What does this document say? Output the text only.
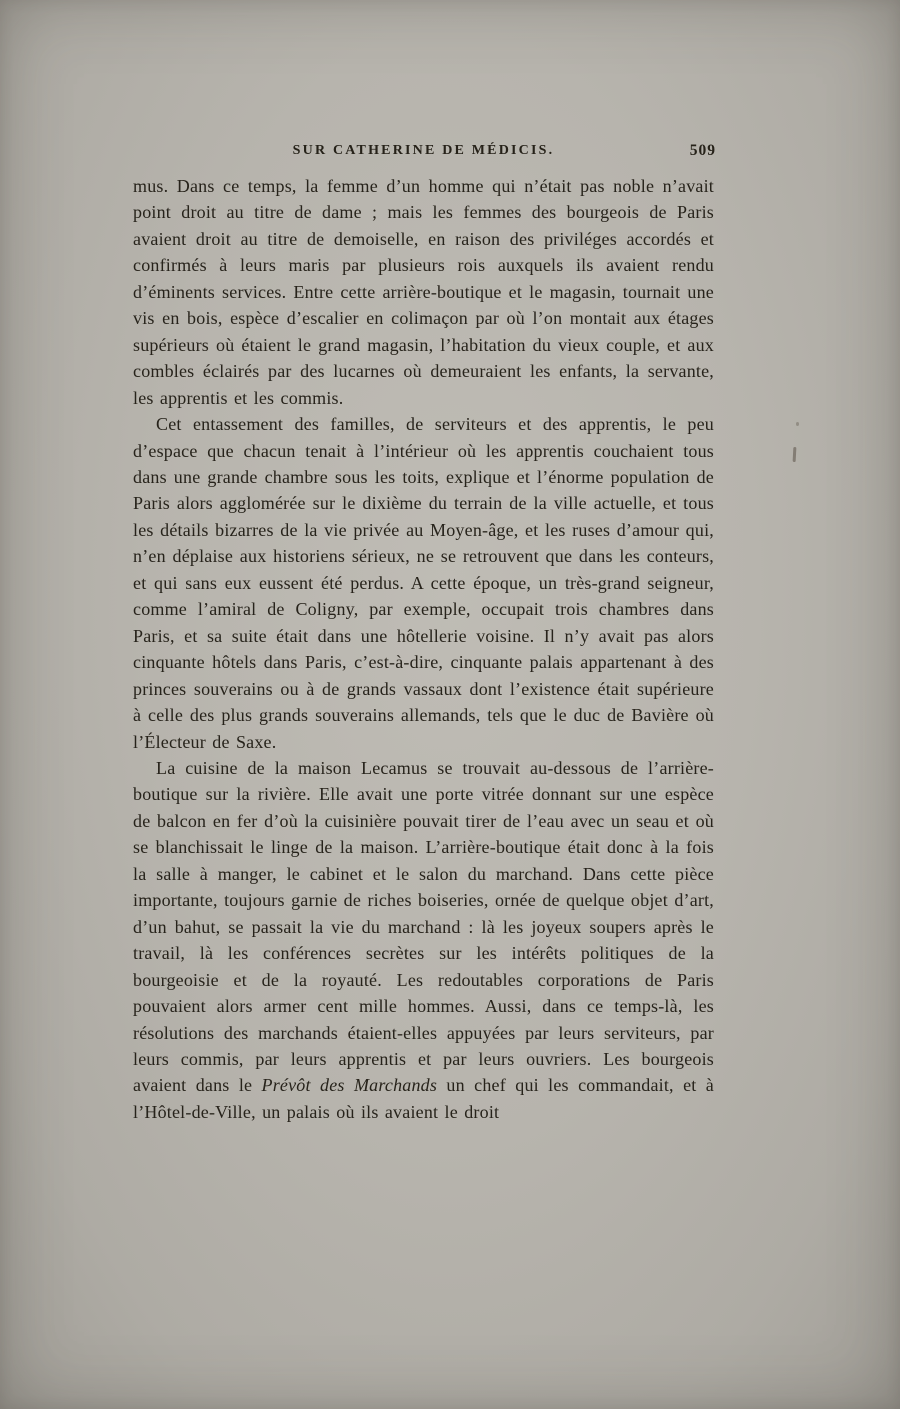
SUR CATHERINE DE MÉDICIS.	509

mus. Dans ce temps, la femme d’un homme qui n’était pas noble n’avait point droit au titre de dame ; mais les femmes des bourgeois de Paris avaient droit au titre de demoiselle, en raison des priviléges accordés et confirmés à leurs maris par plusieurs rois auxquels ils avaient rendu d’éminents services. Entre cette arrière-boutique et le magasin, tournait une vis en bois, espèce d’escalier en colimaçon par où l’on montait aux étages supérieurs où étaient le grand magasin, l’habitation du vieux couple, et aux combles éclairés par des lucarnes où demeuraient les enfants, la servante, les apprentis et les commis.

Cet entassement des familles, de serviteurs et des apprentis, le peu d’espace que chacun tenait à l’intérieur où les apprentis couchaient tous dans une grande chambre sous les toits, explique et l’énorme population de Paris alors agglomérée sur le dixième du terrain de la ville actuelle, et tous les détails bizarres de la vie privée au Moyen-âge, et les ruses d’amour qui, n’en déplaise aux historiens sérieux, ne se retrouvent que dans les conteurs, et qui sans eux eussent été perdus. A cette époque, un très-grand seigneur, comme l’amiral de Coligny, par exemple, occupait trois chambres dans Paris, et sa suite était dans une hôtellerie voisine. Il n’y avait pas alors cinquante hôtels dans Paris, c’est-à-dire, cinquante palais appartenant à des princes souverains ou à de grands vassaux dont l’existence était supérieure à celle des plus grands souverains allemands, tels que le duc de Bavière où l’Électeur de Saxe.

La cuisine de la maison Lecamus se trouvait au-dessous de l’arrière-boutique sur la rivière. Elle avait une porte vitrée donnant sur une espèce de balcon en fer d’où la cuisinière pouvait tirer de l’eau avec un seau et où se blanchissait le linge de la maison. L’arrière-boutique était donc à la fois la salle à manger, le cabinet et le salon du marchand. Dans cette pièce importante, toujours garnie de riches boiseries, ornée de quelque objet d’art, d’un bahut, se passait la vie du marchand : là les joyeux soupers après le travail, là les conférences secrètes sur les intérêts politiques de la bourgeoisie et de la royauté. Les redoutables corporations de Paris pouvaient alors armer cent mille hommes. Aussi, dans ce temps-là, les résolutions des marchands étaient-elles appuyées par leurs serviteurs, par leurs commis, par leurs apprentis et par leurs ouvriers. Les bourgeois avaient dans le Prévôt des Marchands un chef qui les commandait, et à l’Hôtel-de-Ville, un palais où ils avaient le droit
